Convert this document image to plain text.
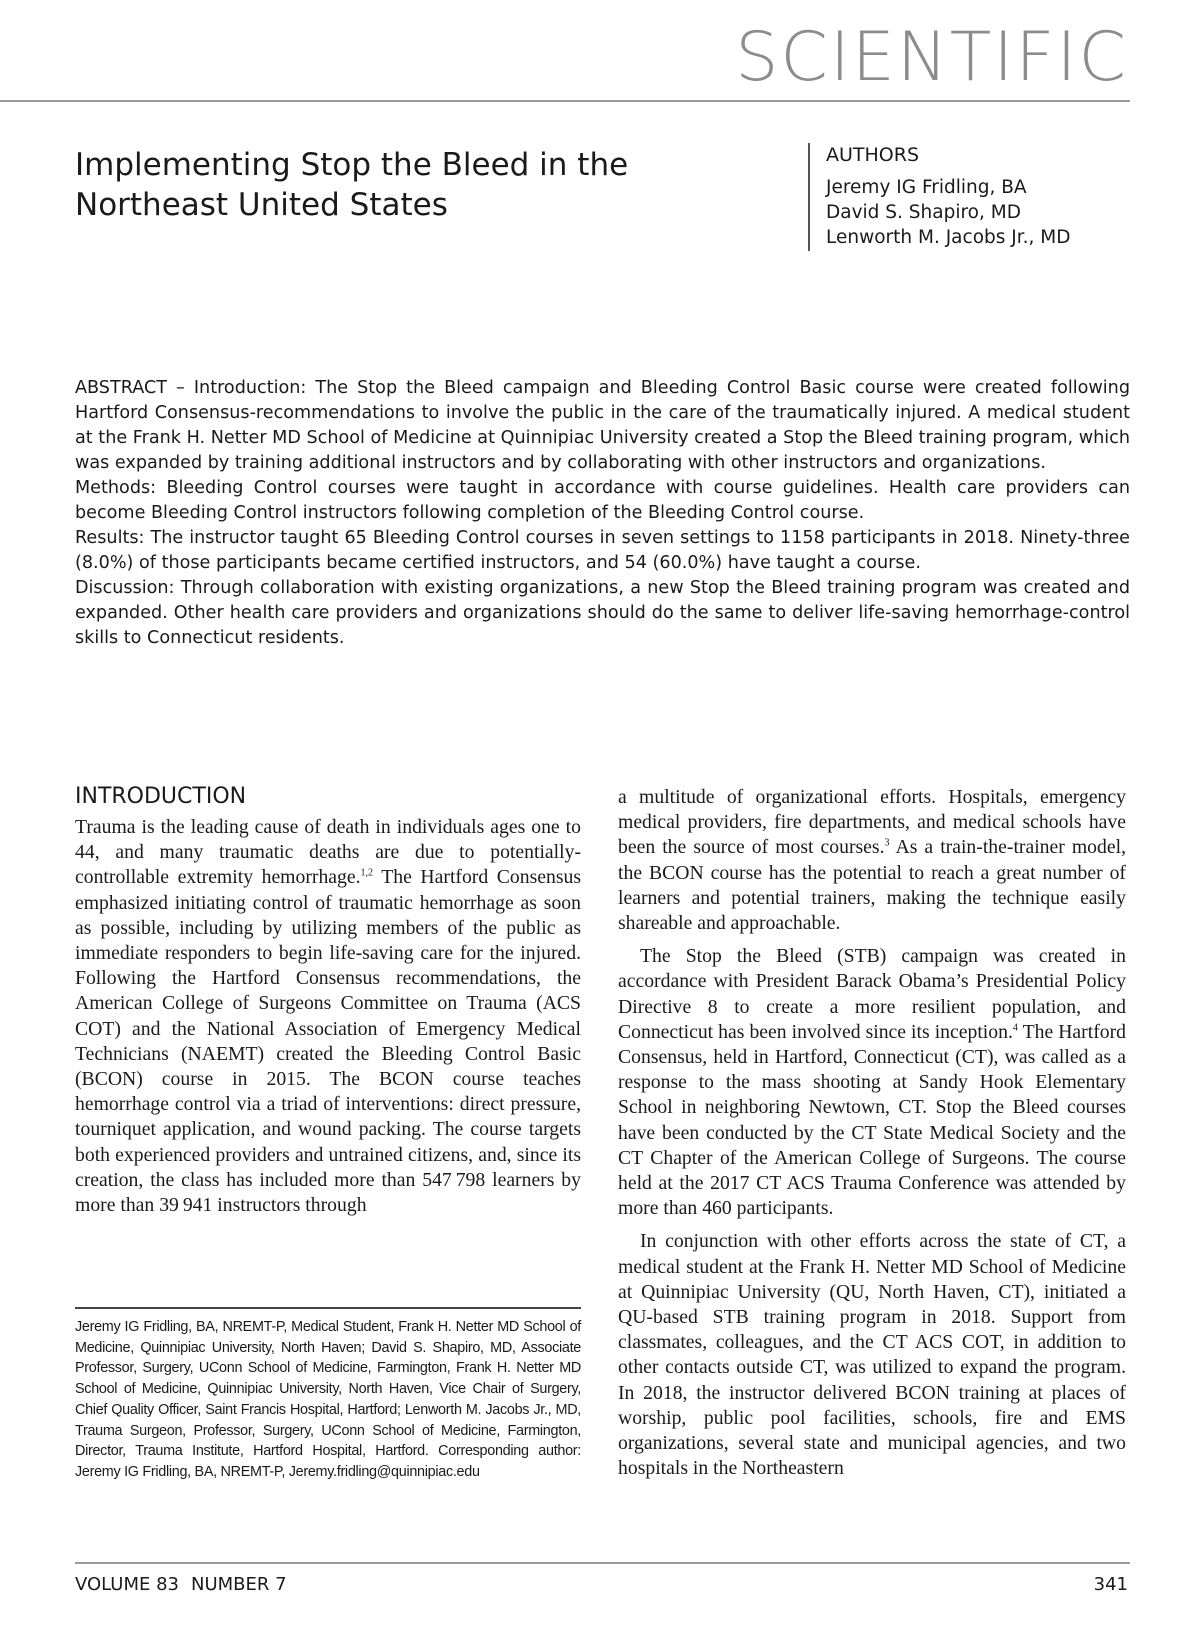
SCIENTIFIC
Implementing Stop the Bleed in the
Northeast United States
AUTHORS
Jeremy IG Fridling, BA
David S. Shapiro, MD
Lenworth M. Jacobs Jr., MD

ABSTRACT – Introduction: The Stop the Bleed campaign and Bleeding Control Basic course were created following Hartford Consensus-recommendations to involve the public in the care of the traumatically injured. A medical student at the Frank H. Netter MD School of Medicine at Quinnipiac University created a Stop the Bleed training program, which was expanded by training additional instructors and by collaborating with other instructors and organizations.

Methods: Bleeding Control courses were taught in accordance with course guidelines. Health care providers can become Bleeding Control instructors following completion of the Bleeding Control course.

Results: The instructor taught 65 Bleeding Control courses in seven settings to 1158 participants in 2018. Ninety-three (8.0%) of those participants became certified instructors, and 54 (60.0%) have taught a course.

Discussion: Through collaboration with existing organizations, a new Stop the Bleed training program was created and expanded. Other health care providers and organizations should do the same to deliver life-saving hemorrhage-control skills to Connecticut residents.

INTRODUCTION

Trauma is the leading cause of death in individuals ages one to 44, and many traumatic deaths are due to potentially-controllable extremity hemorrhage.$^{1,2}$ The Hartford Consensus emphasized initiating control of traumatic hemorrhage as soon as possible, including by utilizing members of the public as immediate responders to begin life-saving care for the injured. Following the Hartford Consensus recommendations, the American College of Surgeons Committee on Trauma (ACS COT) and the National Association of Emergency Medical Technicians (NAEMT) created the Bleeding Control Basic (BCON) course in 2015. The BCON course teaches hemorrhage control via a triad of interventions: direct pressure, tourniquet application, and wound packing. The course targets both experienced providers and untrained citizens, and, since its creation, the class has included more than 547 798 learners by more than 39 941 instructors through

a multitude of organizational efforts. Hospitals, emergency medical providers, fire departments, and medical schools have been the source of most courses.$^3$ As a train-the-trainer model, the BCON course has the potential to reach a great number of learners and potential trainers, making the technique easily shareable and approachable.

The Stop the Bleed (STB) campaign was created in accordance with President Barack Obama’s Presidential Policy Directive 8 to create a more resilient population, and Connecticut has been involved since its inception.$^4$ The Hartford Consensus, held in Hartford, Connecticut (CT), was called as a response to the mass shooting at Sandy Hook Elementary School in neighboring Newtown, CT. Stop the Bleed courses have been conducted by the CT State Medical Society and the CT Chapter of the American College of Surgeons. The course held at the 2017 CT ACS Trauma Conference was attended by more than 460 participants.

In conjunction with other efforts across the state of CT, a medical student at the Frank H. Netter MD School of Medicine at Quinnipiac University (QU, North Haven, CT), initiated a QU-based STB training program in 2018. Support from classmates, colleagues, and the CT ACS COT, in addition to other contacts outside CT, was utilized to expand the program. In 2018, the instructor delivered BCON training at places of worship, public pool facilities, schools, fire and EMS organizations, several state and municipal agencies, and two hospitals in the Northeastern

Jeremy IG Fridling, BA, NREMT-P, Medical Student, Frank H. Netter MD School of Medicine, Quinnipiac University, North Haven; David S. Shapiro, MD, Associate Professor, Surgery, UConn School of Medicine, Farmington, Frank H. Netter MD School of Medicine, Quinnipiac University, North Haven, Vice Chair of Surgery, Chief Quality Officer, Saint Francis Hospital, Hartford; Lenworth M. Jacobs Jr., MD, Trauma Surgeon, Professor, Surgery, UConn School of Medicine, Farmington, Director, Trauma Institute, Hartford Hospital, Hartford. Corresponding author: Jeremy IG Fridling, BA, NREMT-P, Jeremy.fridling@quinnipiac.edu
VOLUME 83 NUMBER 7	341
